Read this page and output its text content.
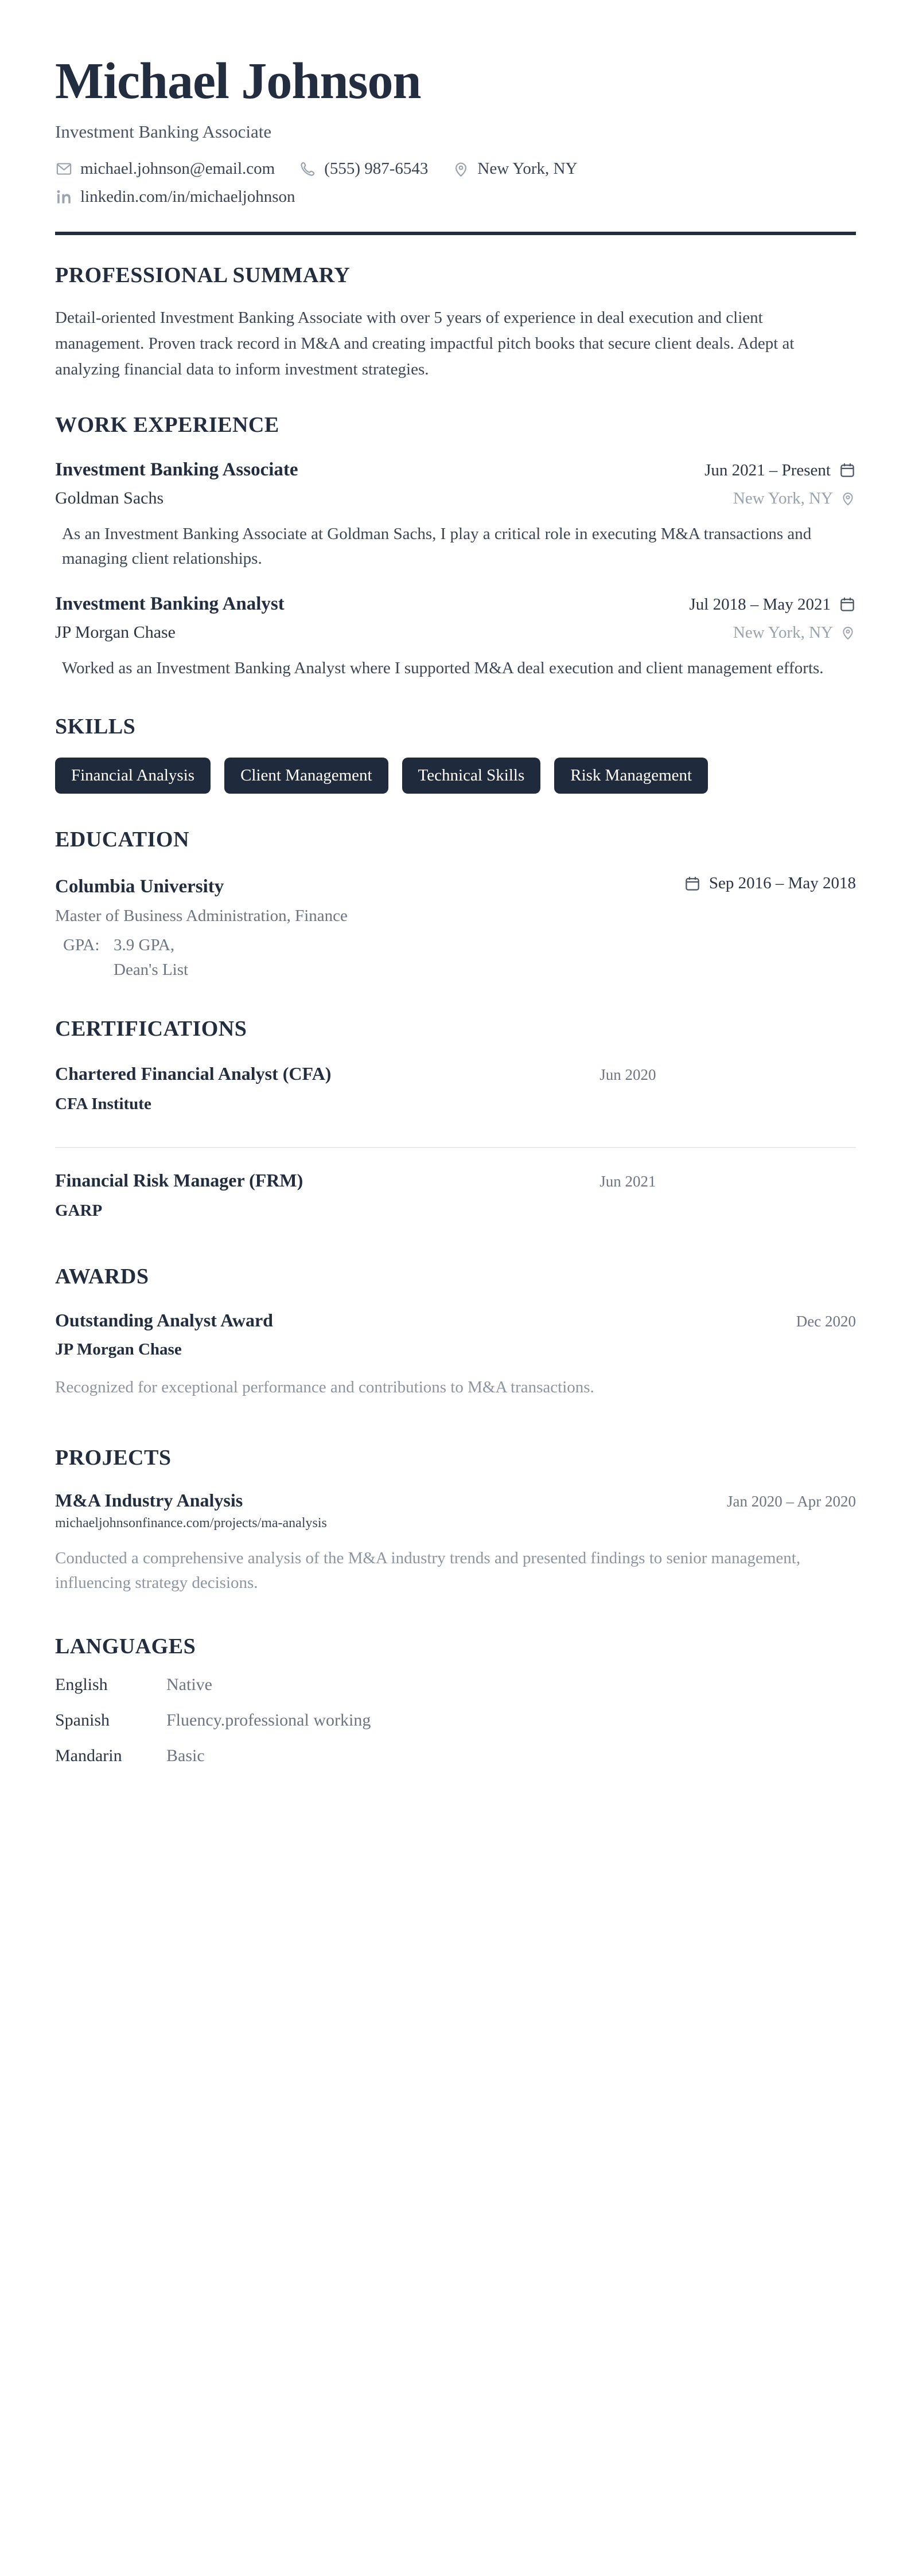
Michael Johnson
Investment Banking Associate
michael.johnson@email.com	(555) 987-6543	New York, NY
linkedin.com/in/michaeljohnson
PROFESSIONAL SUMMARY
Detail-oriented Investment Banking Associate with over 5 years of experience in deal execution and client management. Proven track record in M&A and creating impactful pitch books that secure client deals. Adept at analyzing financial data to inform investment strategies.
WORK EXPERIENCE
Investment Banking Associate	Jun 2021 – Present
Goldman Sachs	New York, NY
As an Investment Banking Associate at Goldman Sachs, I play a critical role in executing M&A transactions and managing client relationships.
Investment Banking Analyst	Jul 2018 – May 2021
JP Morgan Chase	New York, NY
Worked as an Investment Banking Analyst where I supported M&A deal execution and client management efforts.
SKILLS
Financial Analysis	Client Management	Technical Skills	Risk Management
EDUCATION
Columbia University	Sep 2016 – May 2018
Master of Business Administration, Finance
GPA: 3.9 GPA,
Dean's List
CERTIFICATIONS
Chartered Financial Analyst (CFA)	Jun 2020
CFA Institute
Financial Risk Manager (FRM)	Jun 2021
GARP
AWARDS
Outstanding Analyst Award	Dec 2020
JP Morgan Chase
Recognized for exceptional performance and contributions to M&A transactions.
PROJECTS
M&A Industry Analysis	Jan 2020 – Apr 2020
michaeljohnsonfinance.com/projects/ma-analysis
Conducted a comprehensive analysis of the M&A industry trends and presented findings to senior management, influencing strategy decisions.
LANGUAGES
English	Native
Spanish	Fluency.professional working
Mandarin	Basic
